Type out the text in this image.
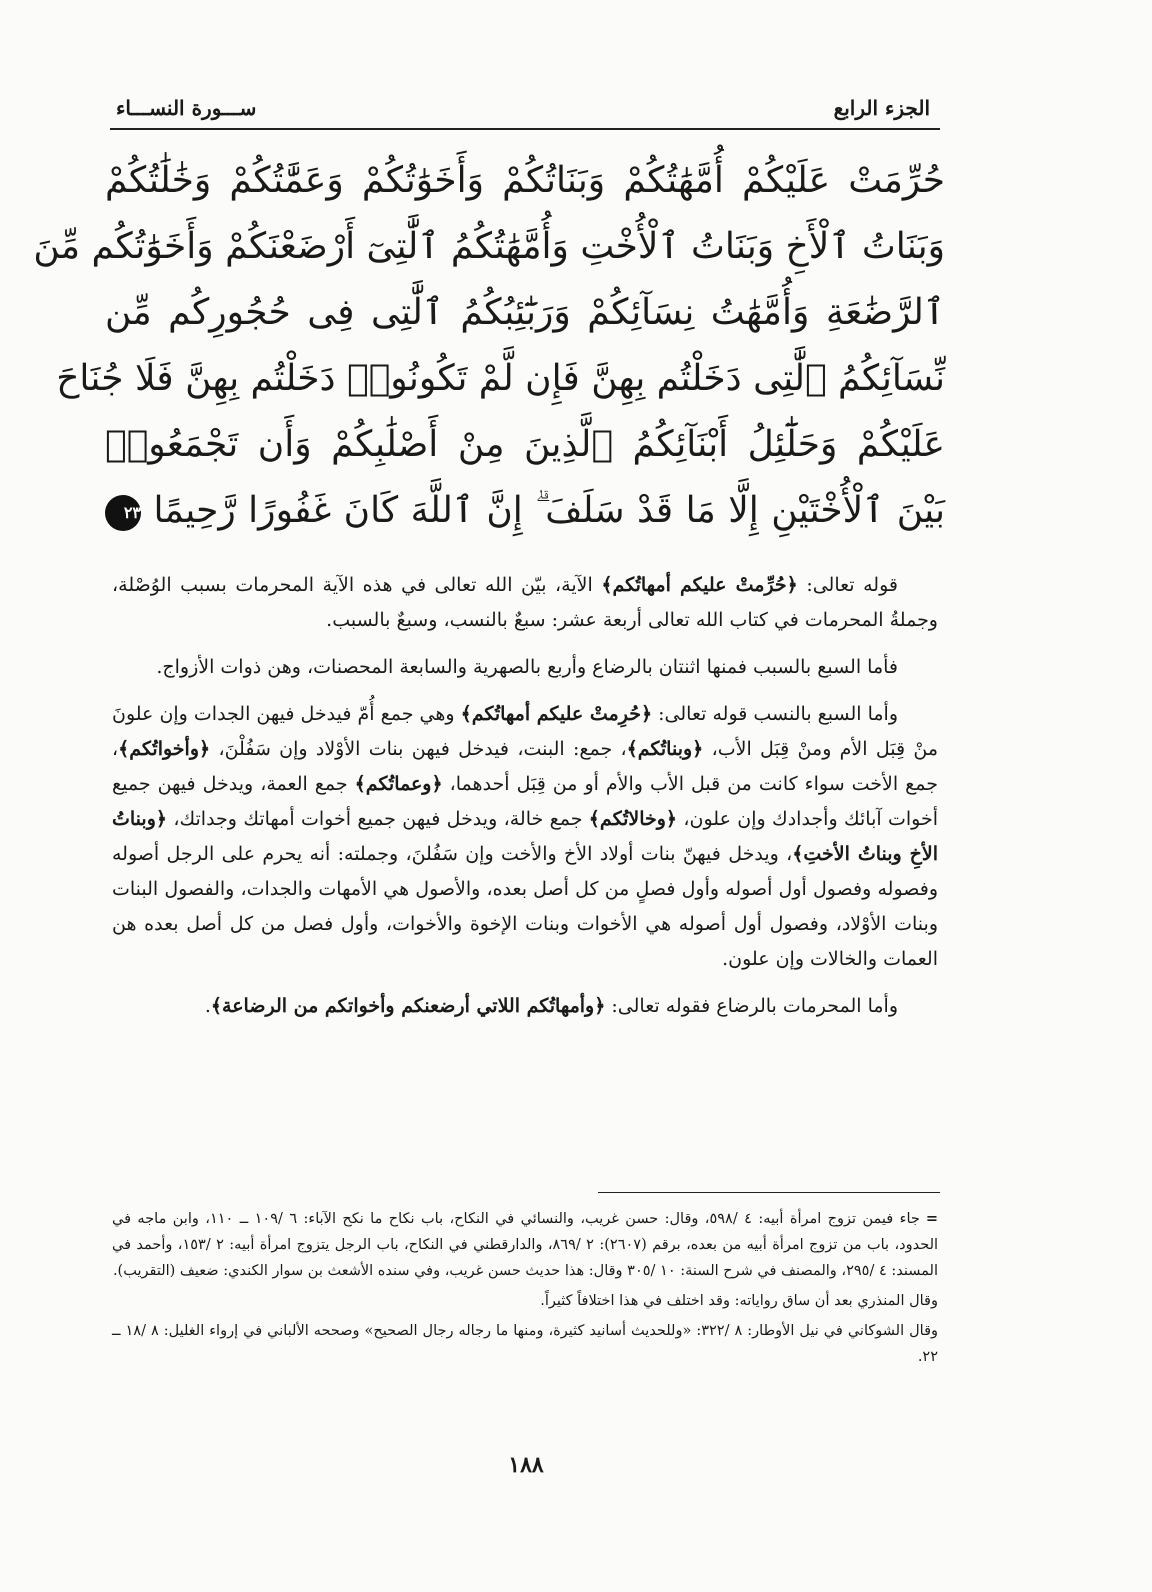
الجزء الرابع
ســـورة النســـاء
حُرِّمَتْ عَلَيْكُمْ أُمَّهَٰتُكُمْ وَبَنَاتُكُمْ وَأَخَوَٰتُكُمْ وَعَمَّٰتُكُمْ وَخَٰلَٰتُكُمْ
وَبَنَاتُ ٱلْأَخِ وَبَنَاتُ ٱلْأُخْتِ وَأُمَّهَٰتُكُمُ ٱلَّٰتِىٓ أَرْضَعْنَكُمْ وَأَخَوَٰتُكُم مِّنَ
ٱلرَّضَٰعَةِ وَأُمَّهَٰتُ نِسَآئِكُمْ وَرَبَٰٓئِبُكُمُ ٱلَّٰتِى فِى حُجُورِكُم مِّن
نِّسَآئِكُمُ ٱلَّٰتِى دَخَلْتُم بِهِنَّ فَإِن لَّمْ تَكُونُوا۟ دَخَلْتُم بِهِنَّ فَلَا جُنَاحَ
عَلَيْكُمْ وَحَلَٰٓئِلُ أَبْنَآئِكُمُ ٱلَّذِينَ مِنْ أَصْلَٰبِكُمْ وَأَن تَجْمَعُوا۟
بَيْنَ ٱلْأُخْتَيْنِ إِلَّا مَا قَدْ سَلَفَ ۗ إِنَّ ٱللَّهَ كَانَ غَفُورًا رَّحِيمًا ٢٣

قوله تعالى: ﴿حُرِّمتْ عليكم أمهاتُكم﴾ الآية، بيّن الله تعالى في هذه الآية المحرمات بسبب الوُصْلة، وجملةُ المحرمات في كتاب الله تعالى أربعة عشر: سبعٌ بالنسب، وسبعٌ بالسبب.

فأما السبع بالسبب فمنها اثنتان بالرضاع وأربع بالصهرية والسابعة المحصنات، وهن ذوات الأزواج.

وأما السبع بالنسب قوله تعالى: ﴿حُرِمتْ عليكم أمهاتُكم﴾ وهي جمع أُمّ فيدخل فيهن الجدات وإن علونَ منْ قِبَل الأم ومنْ قِبَل الأب، ﴿وبناتُكم﴾، جمع: البنت، فيدخل فيهن بنات الأوْلاد وإن سَفُلْنَ، ﴿وأخواتُكم﴾، جمع الأخت سواء كانت من قبل الأب والأم أو من قِبَل أحدهما، ﴿وعماتُكم﴾ جمع العمة، ويدخل فيهن جميع أخوات آبائك وأجدادك وإن علون، ﴿وخالاتُكم﴾ جمع خالة، ويدخل فيهن جميع أخوات أمهاتك وجداتك، ﴿وبناتُ الأخِ وبناتُ الأختِ﴾، ويدخل فيهنّ بنات أولاد الأخ والأخت وإن سَفُلنَ، وجملته: أنه يحرم على الرجل أصوله وفصوله وفصول أول أصوله وأول فصلٍ من كل أصل بعده، والأصول هي الأمهات والجدات، والفصول البنات وبنات الأوْلاد، وفصول أول أصوله هي الأخوات وبنات الإخوة والأخوات، وأول فصل من كل أصل بعده هن العمات والخالات وإن علون.

وأما المحرمات بالرضاع فقوله تعالى: ﴿وأمهاتُكم اللاتي أرضعنكم وأخواتكم من الرضاعة﴾.

=جاء فيمن تزوج امرأة أبيه: ٤ /٥٩٨، وقال: حسن غريب، والنسائي في النكاح، باب نكاح ما نكح الآباء: ٦ /١٠٩ ــ ١١٠، وابن ماجه في الحدود، باب من تزوج امرأة أبيه من بعده، برقم (٢٦٠٧): ٢ /٨٦٩، والدارقطني في النكاح، باب الرجل يتزوج امرأة أبيه: ٢ /١٥٣، وأحمد في المسند: ٤ /٢٩٥، والمصنف في شرح السنة: ١٠ /٣٠٥ وقال: هذا حديث حسن غريب، وفي سنده الأشعث بن سوار الكندي: ضعيف (التقريب).

وقال المنذري بعد أن ساق رواياته: وقد اختلف في هذا اختلافاً كثيراً.

وقال الشوكاني في نيل الأوطار: ٨ /٣٢٢: «وللحديث أسانيد كثيرة، ومنها ما رجاله رجال الصحيح» وصححه الألباني في إرواء الغليل: ٨ /١٨ ــ ٢٢.

١٨٨
